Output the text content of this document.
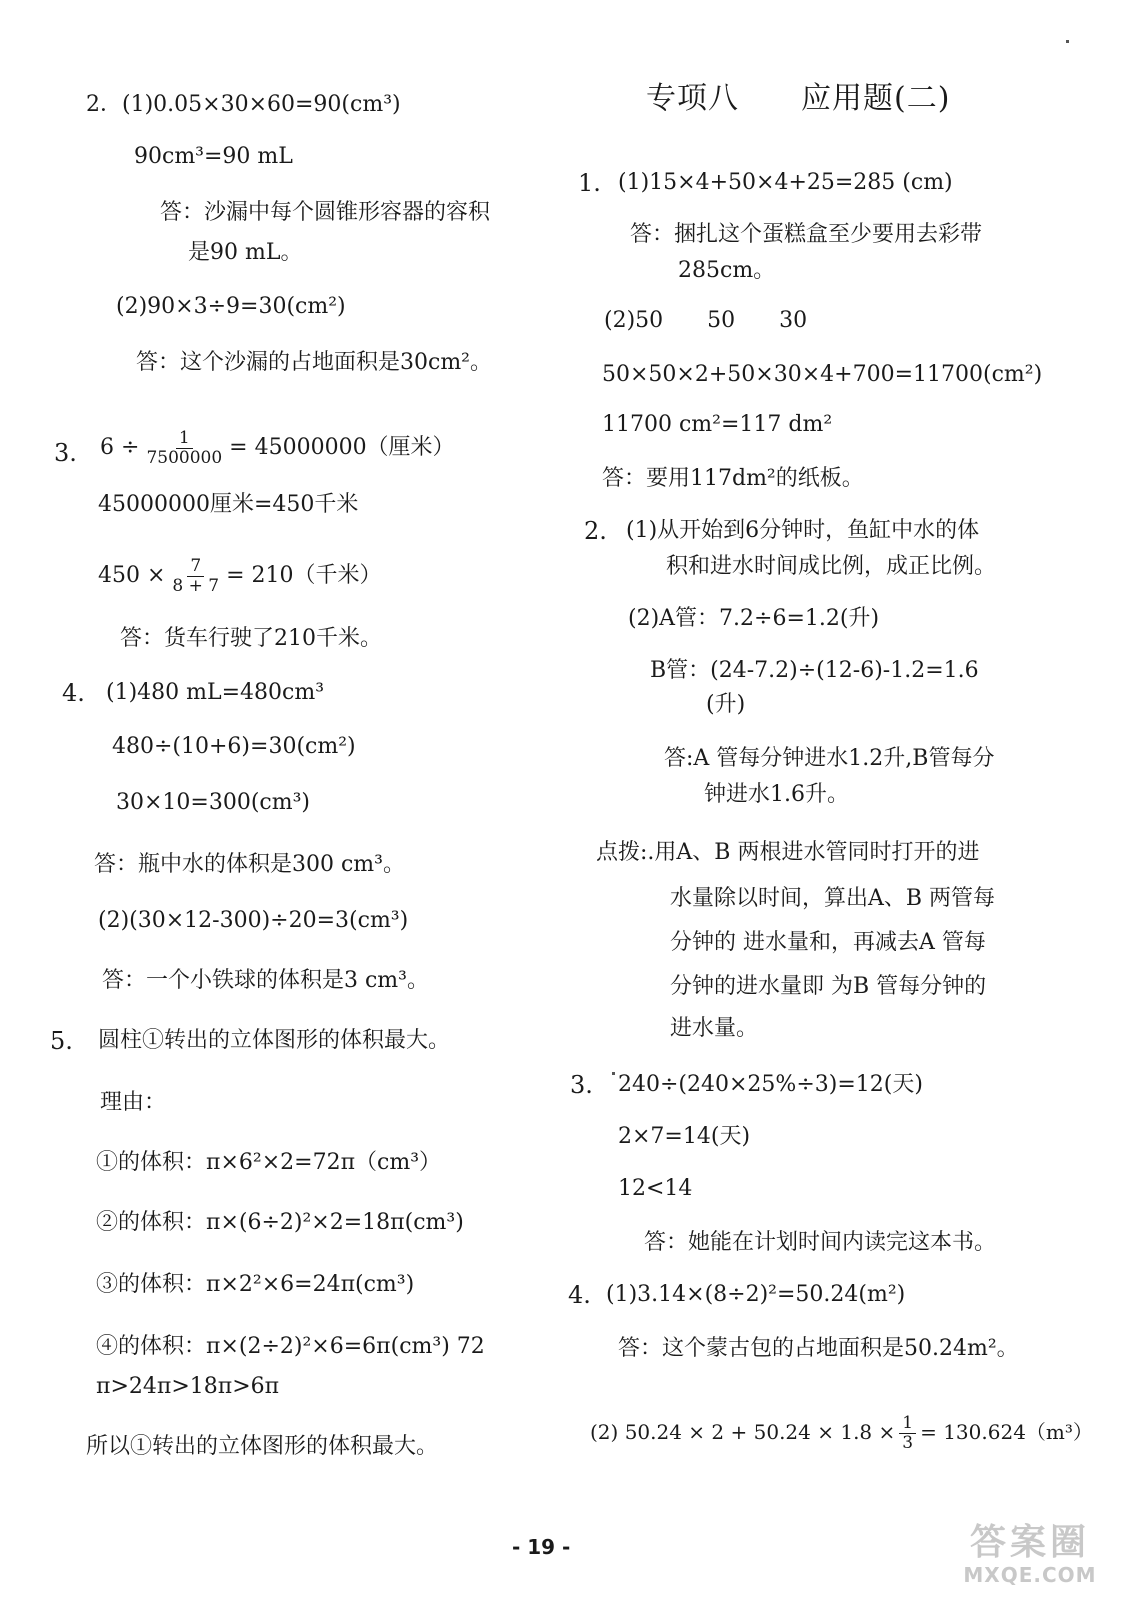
2．(1)0.05×30×60=90(cm³)
90cm³=90 mL
答：沙漏中每个圆锥形容器的容积
是90 mL。
(2)90×3÷9=30(cm²)
答：这个沙漏的占地面积是30cm²。
3. $6 \div \frac{1}{7500000} = 45000000$（厘米）
45000000厘米=450千米
$450 \times \frac{7}{8 + 7} = 210$（千米）
答：货车行驶了210千米。
4. (1)480 mL=480cm³
480÷(10+6)=30(cm²)
30×10=300(cm³)
答：瓶中水的体积是300 cm³。
(2)(30×12-300)÷20=3(cm³)
答：一个小铁球的体积是3 cm³。
5. 圆柱①转出的立体图形的体积最大。
理由：
①的体积：π×6²×2=72π（cm³）
②的体积：π×(6÷2)²×2=18π(cm³)
③的体积：π×2²×6=24π(cm³)
④的体积：π×(2÷2)²×6=6π(cm³) 72
π>24π>18π>6π
所以①转出的立体图形的体积最大。
专项八　　应用题(二)
1. (1)15×4+50×4+25=285 (cm)
答：捆扎这个蛋糕盒至少要用去彩带
285cm。
(2)50　　50　　30
50×50×2+50×30×4+700=11700(cm²)
11700 cm²=117 dm²
答：要用117dm²的纸板。
2. (1)从开始到6分钟时，鱼缸中水的体
积和进水时间成比例，成正比例。
(2)A管：7.2÷6=1.2(升)
B管：(24-7.2)÷(12-6)-1.2=1.6
(升)
答:A 管每分钟进水1.2升,B管每分
钟进水1.6升。
点拨:.用A、B 两根进水管同时打开的进
水量除以时间，算出A、B 两管每
分钟的 进水量和，再减去A 管每
分钟的进水量即 为B 管每分钟的
进水量。
3. 240÷(240×25%÷3)=12(天)
2×7=14(天)
12<14
答：她能在计划时间内读完这本书。
4. (1)3.14×(8÷2)²=50.24(m²)
答：这个蒙古包的占地面积是50.24m²。
(2) $50.24 \times 2 + 50.24 \times 1.8 \times \frac{1}{3} = 130.624(m^3)$
- 19 -	答案圈
MXQE.COM
